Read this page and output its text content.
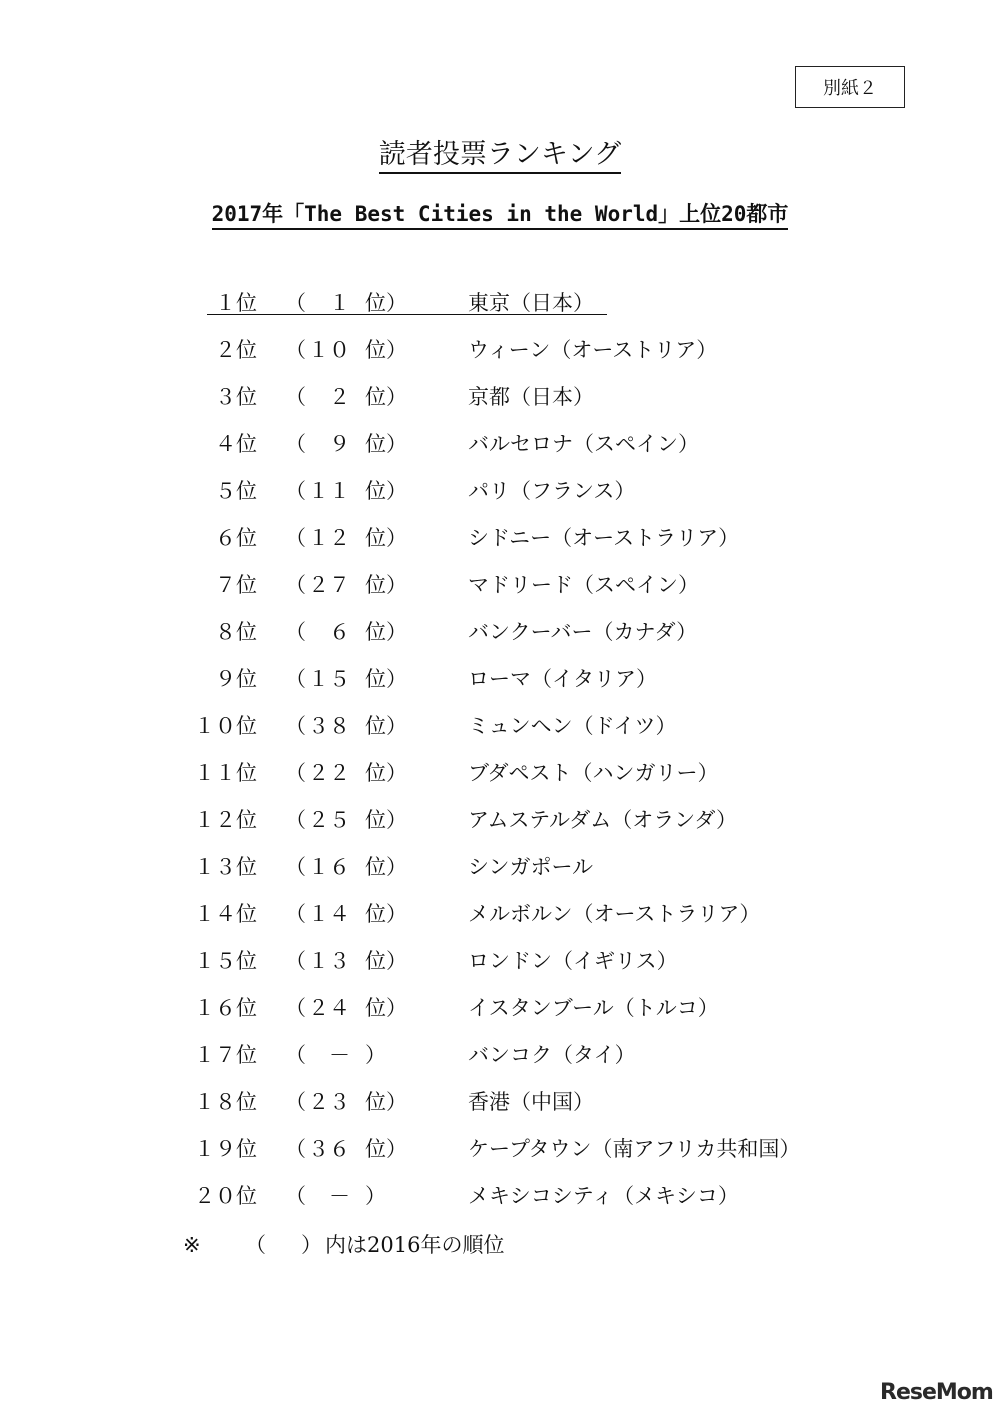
別紙２
読者投票ランキング
2017年「The Best Cities in the World」上位20都市
１位 （	１ 位）	東京（日本）
２位 （ １０ 位）	ウィーン（オーストリア）
３位 （	２ 位）	京都（日本）
４位 （	９ 位）	バルセロナ（スペイン）
５位 （ １１ 位）	パリ（フランス）
６位 （ １２ 位）	シドニー（オーストラリア）
７位 （ ２７ 位）	マドリード（スペイン）
８位 （	６ 位）	バンクーバー（カナダ）
９位 （ １５ 位）	ローマ（イタリア）
１０位 （ ３８ 位）	ミュンヘン（ドイツ）
１１位 （ ２２ 位）	ブダペスト（ハンガリー）
１２位 （ ２５ 位）	アムステルダム（オランダ）
１３位 （ １６ 位）	シンガポール
１４位 （ １４ 位）	メルボルン（オーストラリア）
１５位 （ １３ 位）	ロンドン（イギリス）
１６位 （ ２４ 位）	イスタンブール（トルコ）
１７位 （	－ ）	バンコク（タイ）
１８位 （ ２３ 位）	香港（中国）
１９位 （ ３６ 位）	ケープタウン（南アフリカ共和国）
２０位 （	－ ）	メキシコシティ（メキシコ）
※ （ ） 内は2016年の順位
ReseMom
